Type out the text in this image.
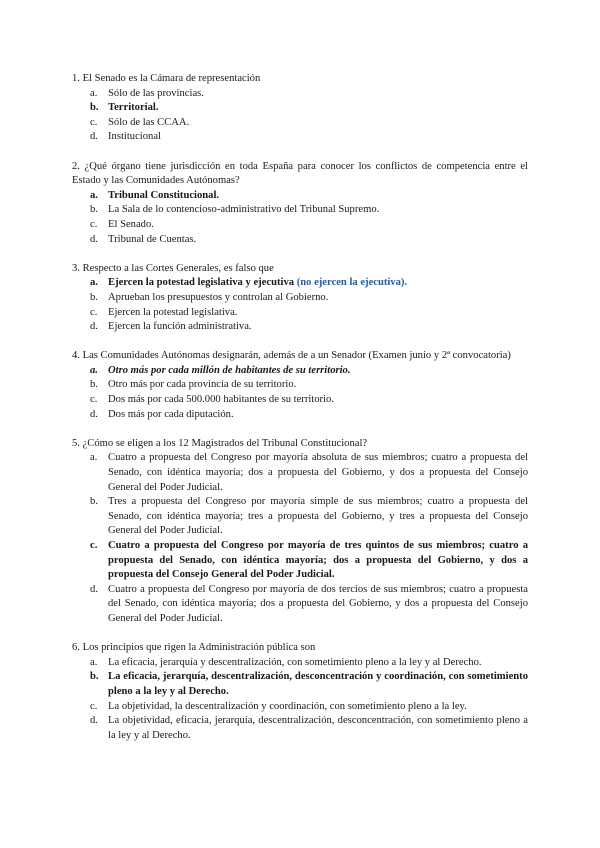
1. El Senado es la Cámara de representación
a.	Sólo de las provincias.
b. Territorial.
c.	Sólo de las CCAA.
d. Institucional
2. ¿Qué órgano tiene jurisdicción en toda España para conocer los conflictos de competencia entre el Estado y las Comunidades Autónomas?
a. Tribunal Constitucional.
b. La Sala de lo contencioso-administrativo del Tribunal Supremo.
c.	El Senado.
d. Tribunal de Cuentas.
3. Respecto a las Cortes Generales, es falso que
a. Ejercen la potestad legislativa y ejecutiva (no ejercen la ejecutiva).
b. Aprueban los presupuestos y controlan al Gobierno.
c.	Ejercen la potestad legislativa.
d. Ejercen la función administrativa.
4. Las Comunidades Autónomas designarán, además de a un Senador (Examen junio y 2ª convocatoria)
a. Otro más por cada millón de habitantes de su territorio.
b. Otro más por cada provincia de su territorio.
c.	Dos más por cada 500.000 habitantes de su territorio.
d. Dos más por cada diputación.
5. ¿Cómo se eligen a los 12 Magistrados del Tribunal Constitucional?
a.	Cuatro a propuesta del Congreso por mayoría absoluta de sus miembros; cuatro a propuesta del Senado, con idéntica mayoría; dos a propuesta del Gobierno, y dos a propuesta del Consejo General del Poder Judicial.
b. Tres a propuesta del Congreso por mayoría simple de sus miembros; cuatro a propuesta del Senado, con idéntica mayoría; tres a propuesta del Gobierno, y tres a propuesta del Consejo General del Poder Judicial.
c.	Cuatro a propuesta del Congreso por mayoría de tres quintos de sus miembros; cuatro a propuesta del Senado, con idéntica mayoría; dos a propuesta del Gobierno, y dos a propuesta del Consejo General del Poder Judicial.
d. Cuatro a propuesta del Congreso por mayoría de dos tercios de sus miembros; cuatro a propuesta del Senado, con idéntica mayoría; dos a propuesta del Gobierno, y dos a propuesta del Consejo General del Poder Judicial.
6. Los principios que rigen la Administración pública son
a.	La eficacia, jerarquía y descentralización, con sometimiento pleno a la ley y al Derecho.
b. La eficacia, jerarquía, descentralización, desconcentración y coordinación, con sometimiento pleno a la ley y al Derecho.
c.	La objetividad, la descentralización y coordinación, con sometimiento pleno a la ley.
d. La objetividad, eficacia, jerarquía, descentralización, desconcentración, con sometimiento pleno a la ley y al Derecho.
